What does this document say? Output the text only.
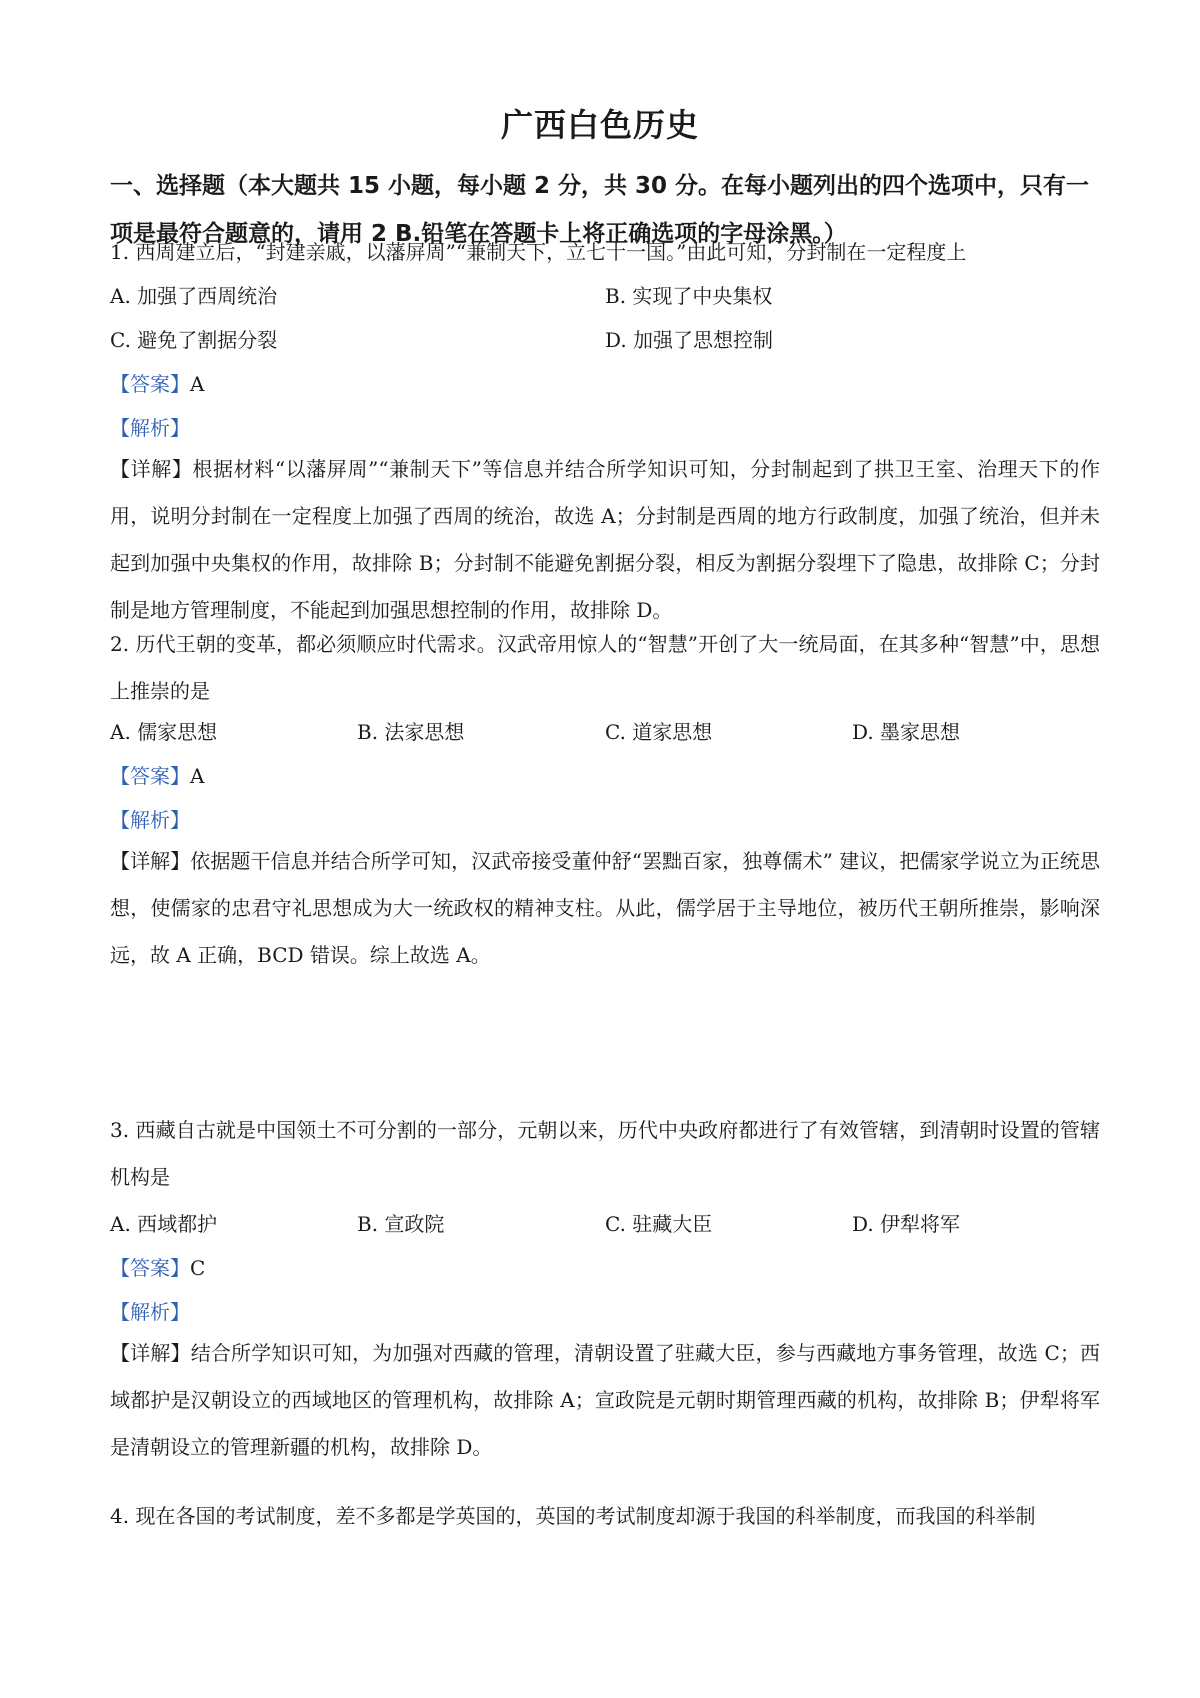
广西白色历史
一、选择题（本大题共 15 小题，每小题 2 分，共 30 分。在每小题列出的四个选项中，只有一项是最符合题意的，请用 2 B.铅笔在答题卡上将正确选项的字母涂黑。）
1. 西周建立后，“封建亲戚，以藩屏周”“兼制天下，立七十一国。”由此可知，分封制在一定程度上
A. 加强了西周统治	B. 实现了中央集权
C. 避免了割据分裂	D. 加强了思想控制
【答案】A
【解析】
【详解】根据材料“以藩屏周”“兼制天下”等信息并结合所学知识可知，分封制起到了拱卫王室、治理天下的作用，说明分封制在一定程度上加强了西周的统治，故选 A；分封制是西周的地方行政制度，加强了统治，但并未起到加强中央集权的作用，故排除 B；分封制不能避免割据分裂，相反为割据分裂埋下了隐患，故排除 C；分封制是地方管理制度，不能起到加强思想控制的作用，故排除 D。
2. 历代王朝的变革，都必须顺应时代需求。汉武帝用惊人的“智慧”开创了大一统局面，在其多种“智慧”中，思想上推崇的是
A. 儒家思想	B. 法家思想	C. 道家思想	D. 墨家思想
【答案】A
【解析】
【详解】依据题干信息并结合所学可知，汉武帝接受董仲舒“罢黜百家，独尊儒术” 建议，把儒家学说立为正统思想，使儒家的忠君守礼思想成为大一统政权的精神支柱。从此，儒学居于主导地位，被历代王朝所推崇，影响深远，故 A 正确，BCD 错误。综上故选 A。
3. 西藏自古就是中国领土不可分割的一部分，元朝以来，历代中央政府都进行了有效管辖，到清朝时设置的管辖机构是
A. 西域都护	B. 宣政院	C. 驻藏大臣	D. 伊犁将军
【答案】C
【解析】
【详解】结合所学知识可知，为加强对西藏的管理，清朝设置了驻藏大臣，参与西藏地方事务管理，故选 C；西域都护是汉朝设立的西域地区的管理机构，故排除 A；宣政院是元朝时期管理西藏的机构，故排除 B；伊犁将军是清朝设立的管理新疆的机构，故排除 D。
4. 现在各国的考试制度，差不多都是学英国的，英国的考试制度却源于我国的科举制度，而我国的科举制
